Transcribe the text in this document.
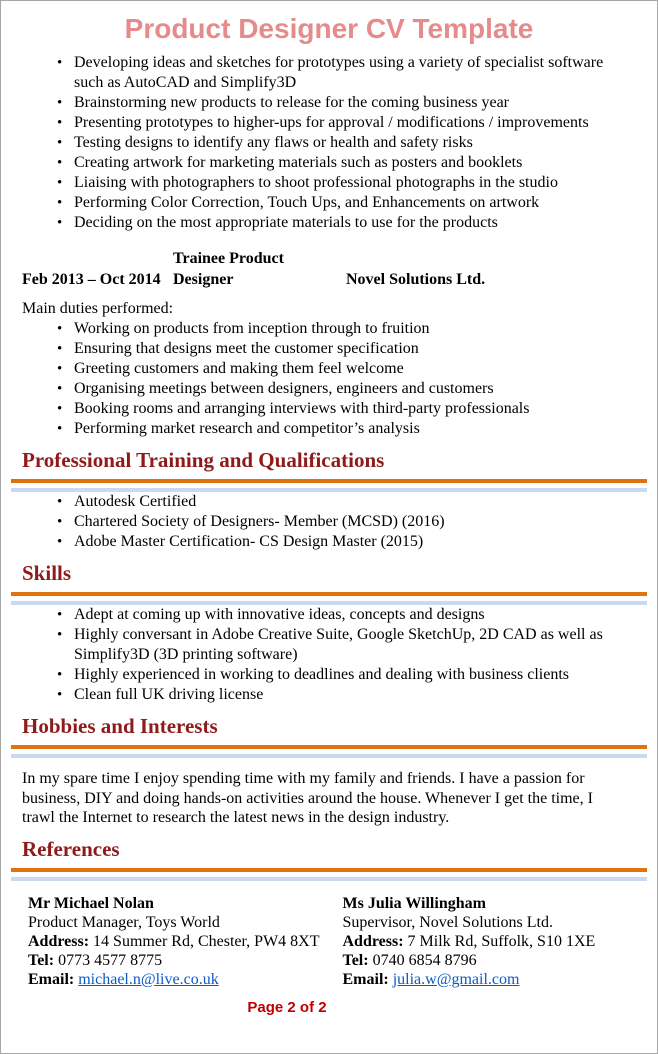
Product Designer CV Template
• Developing ideas and sketches for prototypes using a variety of specialist software such as AutoCAD and Simplify3D
• Brainstorming new products to release for the coming business year
• Presenting prototypes to higher-ups for approval / modifications / improvements
• Testing designs to identify any flaws or health and safety risks
• Creating artwork for marketing materials such as posters and booklets
• Liaising with photographers to shoot professional photographs in the studio
• Performing Color Correction, Touch Ups, and Enhancements on artwork
• Deciding on the most appropriate materials to use for the products
Feb 2013 – Oct 2014Trainee Product Designer	Novel Solutions Ltd.

Main duties performed:

• Working on products from inception through to fruition
• Ensuring that designs meet the customer specification
• Greeting customers and making them feel welcome
• Organising meetings between designers, engineers and customers
• Booking rooms and arranging interviews with third-party professionals
• Performing market research and competitor’s analysis
Professional Training and Qualifications
• Autodesk Certified
• Chartered Society of Designers- Member (MCSD) (2016)
• Adobe Master Certification- CS Design Master (2015)
Skills
• Adept at coming up with innovative ideas, concepts and designs
• Highly conversant in Adobe Creative Suite, Google SketchUp, 2D CAD as well as Simplify3D (3D printing software)
• Highly experienced in working to deadlines and dealing with business clients
• Clean full UK driving license
Hobbies and Interests

In my spare time I enjoy spending time with my family and friends. I have a passion for business, DIY and doing hands-on activities around the house. Whenever I get the time, I trawl the Internet to research the latest news in the design industry.

References
Mr Michael Nolan
Product Manager, Toys World
Address: 14 Summer Rd, Chester, PW4 8XT
Tel: 0773 4577 8775
Email: michael.n@live.co.uk
Ms Julia Willingham
Supervisor, Novel Solutions Ltd.
Address: 7 Milk Rd, Suffolk, S10 1XE
Tel: 0740 6854 8796
Email: julia.w@gmail.com
Page 2 of 2
